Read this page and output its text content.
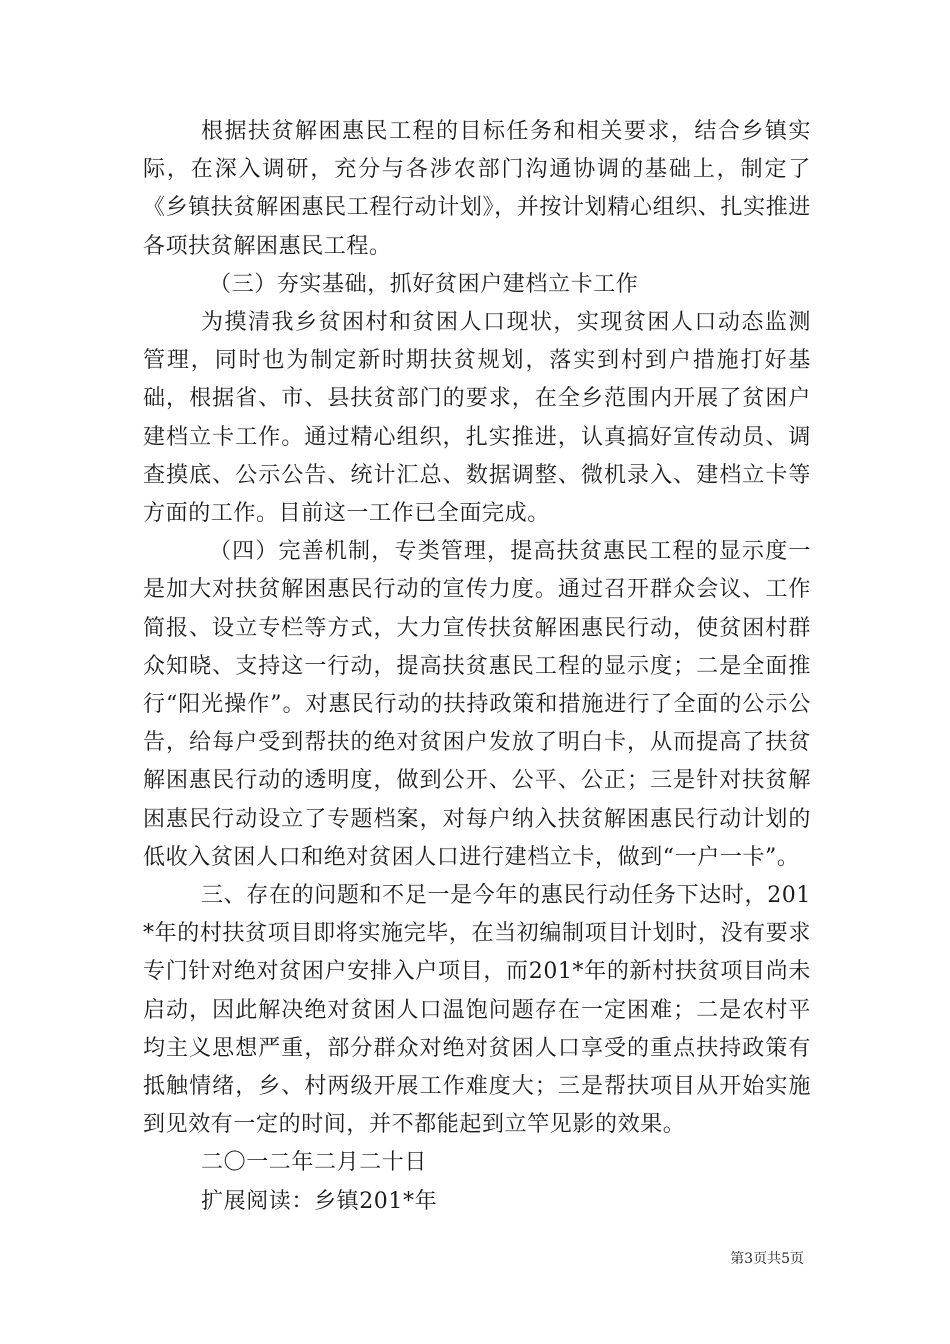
根据扶贫解困惠民工程的目标任务和相关要求，结合乡镇实际，在深入调研，充分与各涉农部门沟通协调的基础上，制定了《乡镇扶贫解困惠民工程行动计划》，并按计划精心组织、扎实推进各项扶贫解困惠民工程。

（三）夯实基础，抓好贫困户建档立卡工作

为摸清我乡贫困村和贫困人口现状，实现贫困人口动态监测管理，同时也为制定新时期扶贫规划，落实到村到户措施打好基础，根据省、市、县扶贫部门的要求，在全乡范围内开展了贫困户建档立卡工作。通过精心组织，扎实推进，认真搞好宣传动员、调查摸底、公示公告、统计汇总、数据调整、微机录入、建档立卡等方面的工作。目前这一工作已全面完成。

（四）完善机制，专类管理，提高扶贫惠民工程的显示度一是加大对扶贫解困惠民行动的宣传力度。通过召开群众会议、工作简报、设立专栏等方式，大力宣传扶贫解困惠民行动，使贫困村群众知晓、支持这一行动，提高扶贫惠民工程的显示度；二是全面推行“阳光操作”。对惠民行动的扶持政策和措施进行了全面的公示公告，给每户受到帮扶的绝对贫困户发放了明白卡，从而提高了扶贫解困惠民行动的透明度，做到公开、公平、公正；三是针对扶贫解困惠民行动设立了专题档案，对每户纳入扶贫解困惠民行动计划的低收入贫困人口和绝对贫困人口进行建档立卡，做到“一户一卡”。

三、存在的问题和不足一是今年的惠民行动任务下达时，201*年的村扶贫项目即将实施完毕，在当初编制项目计划时，没有要求专门针对绝对贫困户安排入户项目，而201*年的新村扶贫项目尚未启动，因此解决绝对贫困人口温饱问题存在一定困难；二是农村平均主义思想严重，部分群众对绝对贫困人口享受的重点扶持政策有抵触情绪，乡、村两级开展工作难度大；三是帮扶项目从开始实施到见效有一定的时间，并不都能起到立竿见影的效果。

二〇一二年二月二十日

扩展阅读：乡镇201*年

第3页共5页
